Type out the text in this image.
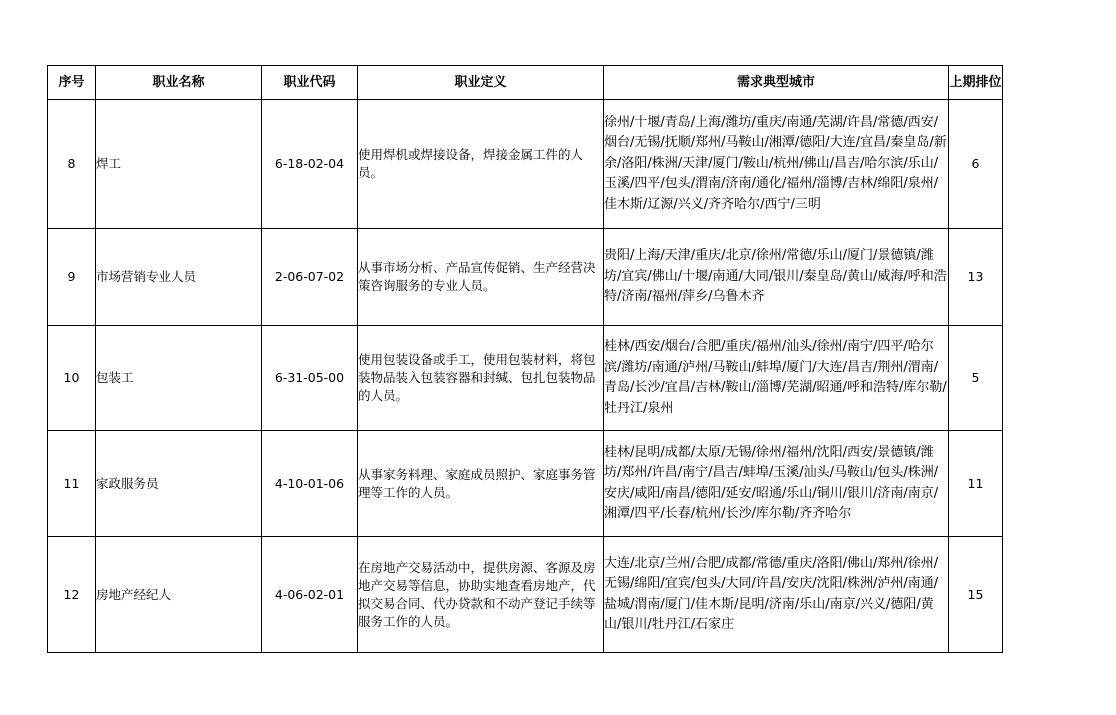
序号	职业名称	职业代码	职业定义	需求典型城市	上期排位
8	焊工	6-18-02-04	使用焊机或焊接设备，焊接金属工件的人员。	徐州/十堰/青岛/上海/潍坊/重庆/南通/芜湖/许昌/常德/西安/烟台/无锡/抚顺/郑州/马鞍山/湘潭/德阳/大连/宜昌/秦皇岛/新余/洛阳/株洲/天津/厦门/鞍山/杭州/佛山/昌吉/哈尔滨/乐山/玉溪/四平/包头/渭南/济南/通化/福州/淄博/吉林/绵阳/泉州/佳木斯/辽源/兴义/齐齐哈尔/西宁/三明	6
9	市场营销专业人员	2-06-07-02	从事市场分析、产品宣传促销、生产经营决策咨询服务的专业人员。	贵阳/上海/天津/重庆/北京/徐州/常德/乐山/厦门/景德镇/潍坊/宜宾/佛山/十堰/南通/大同/银川/秦皇岛/黄山/威海/呼和浩特/济南/福州/萍乡/乌鲁木齐	13
10	包装工	6-31-05-00	使用包装设备或手工，使用包装材料，将包装物品装入包装容器和封缄、包扎包装物品的人员。	桂林/西安/烟台/合肥/重庆/福州/汕头/徐州/南宁/四平/哈尔滨/潍坊/南通/泸州/马鞍山/蚌埠/厦门/大连/昌吉/荆州/渭南/青岛/长沙/宜昌/吉林/鞍山/淄博/芜湖/昭通/呼和浩特/库尔勒/牡丹江/泉州	5
11	家政服务员	4-10-01-06	从事家务料理、家庭成员照护、家庭事务管理等工作的人员。	桂林/昆明/成都/太原/无锡/徐州/福州/沈阳/西安/景德镇/潍坊/郑州/许昌/南宁/昌吉/蚌埠/玉溪/汕头/马鞍山/包头/株洲/安庆/咸阳/南昌/德阳/延安/昭通/乐山/铜川/银川/济南/南京/湘潭/四平/长春/杭州/长沙/库尔勒/齐齐哈尔	11
12	房地产经纪人	4-06-02-01	在房地产交易活动中，提供房源、客源及房地产交易等信息，协助实地查看房地产，代拟交易合同、代办贷款和不动产登记手续等服务工作的人员。	大连/北京/兰州/合肥/成都/常德/重庆/洛阳/佛山/郑州/徐州/无锡/绵阳/宜宾/包头/大同/许昌/安庆/沈阳/株洲/泸州/南通/盐城/渭南/厦门/佳木斯/昆明/济南/乐山/南京/兴义/德阳/黄山/银川/牡丹江/石家庄	15
